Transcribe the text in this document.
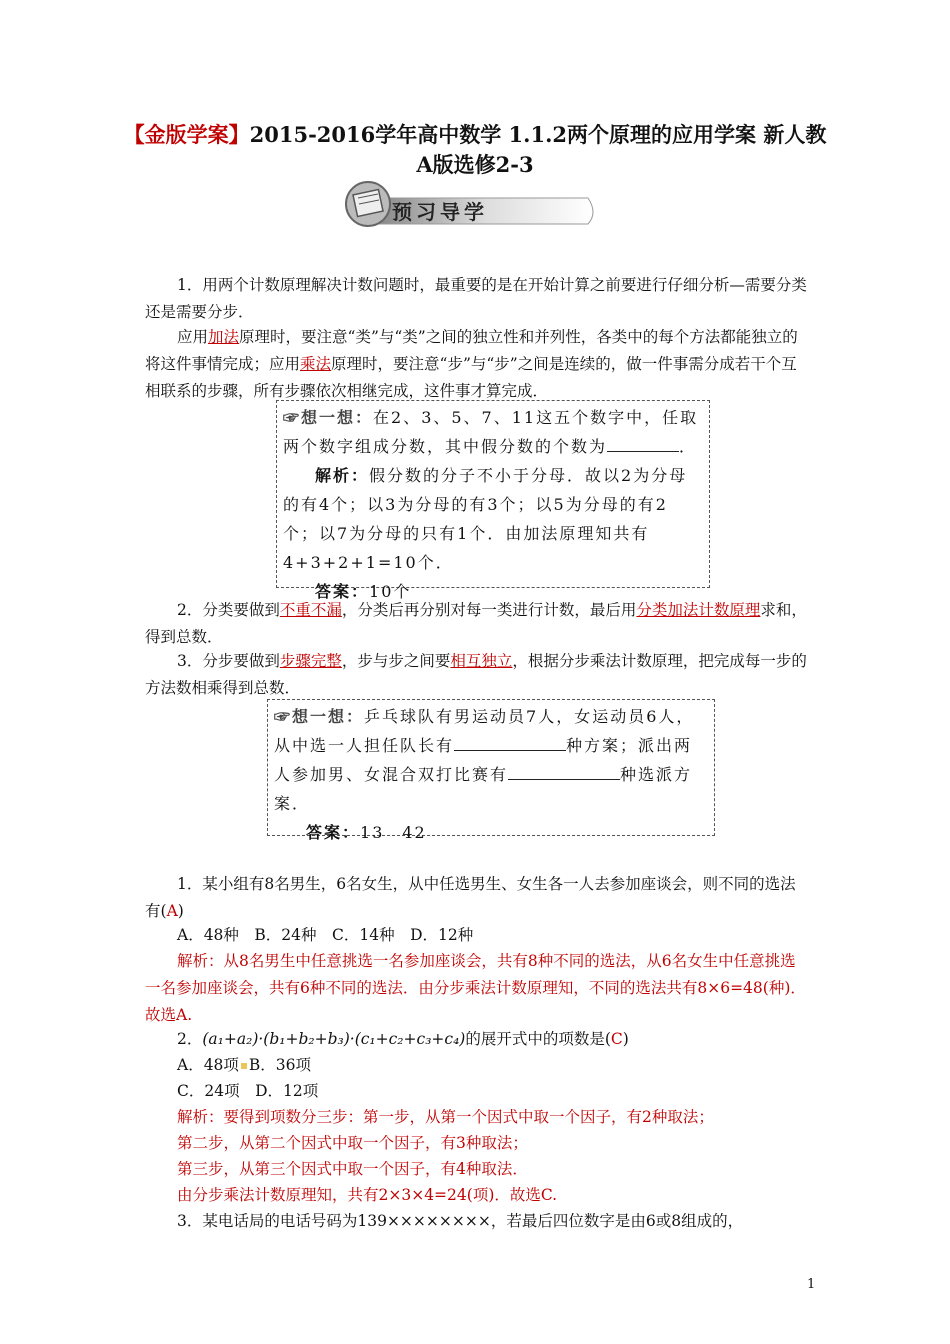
【金版学案】2015-2016学年高中数学 1.1.2两个原理的应用学案 新人教A版选修2-3
预习导学
1．用两个计数原理解决计数问题时，最重要的是在开始计算之前要进行仔细分析—需要分类还是需要分步．
应用加法原理时，要注意“类”与“类”之间的独立性和并列性，各类中的每个方法都能独立的将这件事情完成；应用乘法原理时，要注意“步”与“步”之间是连续的，做一件事需分成若干个互相联系的步骤，所有步骤依次相继完成，这件事才算完成．
☞想一想：在2、3、5、7、11这五个数字中，任取两个数字组成分数，其中假分数的个数为	．
解析：假分数的分子不小于分母．故以2为分母的有4个；以3为分母的有3个；以5为分母的有2个；以7为分母的只有1个．由加法原理知共有4+3+2+1=10个．
答案：10个
2．分类要做到不重不漏，分类后再分别对每一类进行计数，最后用分类加法计数原理求和，得到总数．
3．分步要做到步骤完整，步与步之间要相互独立，根据分步乘法计数原理，把完成每一步的方法数相乘得到总数．
☞想一想：乒乓球队有男运动员7人，女运动员6人，从中选一人担任队长有	种方案；派出两人参加男、女混合双打比赛有	种选派方案．
答案：13　42
1．某小组有8名男生，6名女生，从中任选男生、女生各一人去参加座谈会，则不同的选法有(A)
A．48种　B．24种　C．14种　D．12种
解析：从8名男生中任意挑选一名参加座谈会，共有8种不同的选法，从6名女生中任意挑选一名参加座谈会，共有6种不同的选法．由分步乘法计数原理知，不同的选法共有8×6=48(种)．故选A.
2．(a₁+a₂)·(b₁+b₂+b₃)·(c₁+c₂+c₃+c₄)的展开式中的项数是(C)
A．48项 B．36项
C．24项　D．12项
解析：要得到项数分三步：第一步，从第一个因式中取一个因子，有2种取法；
第二步，从第二个因式中取一个因子，有3种取法；
第三步，从第三个因式中取一个因子，有4种取法．
由分步乘法计数原理知，共有2×3×4=24(项)．故选C.
3．某电话局的电话号码为139××××××××，若最后四位数字是由6或8组成的，
1
